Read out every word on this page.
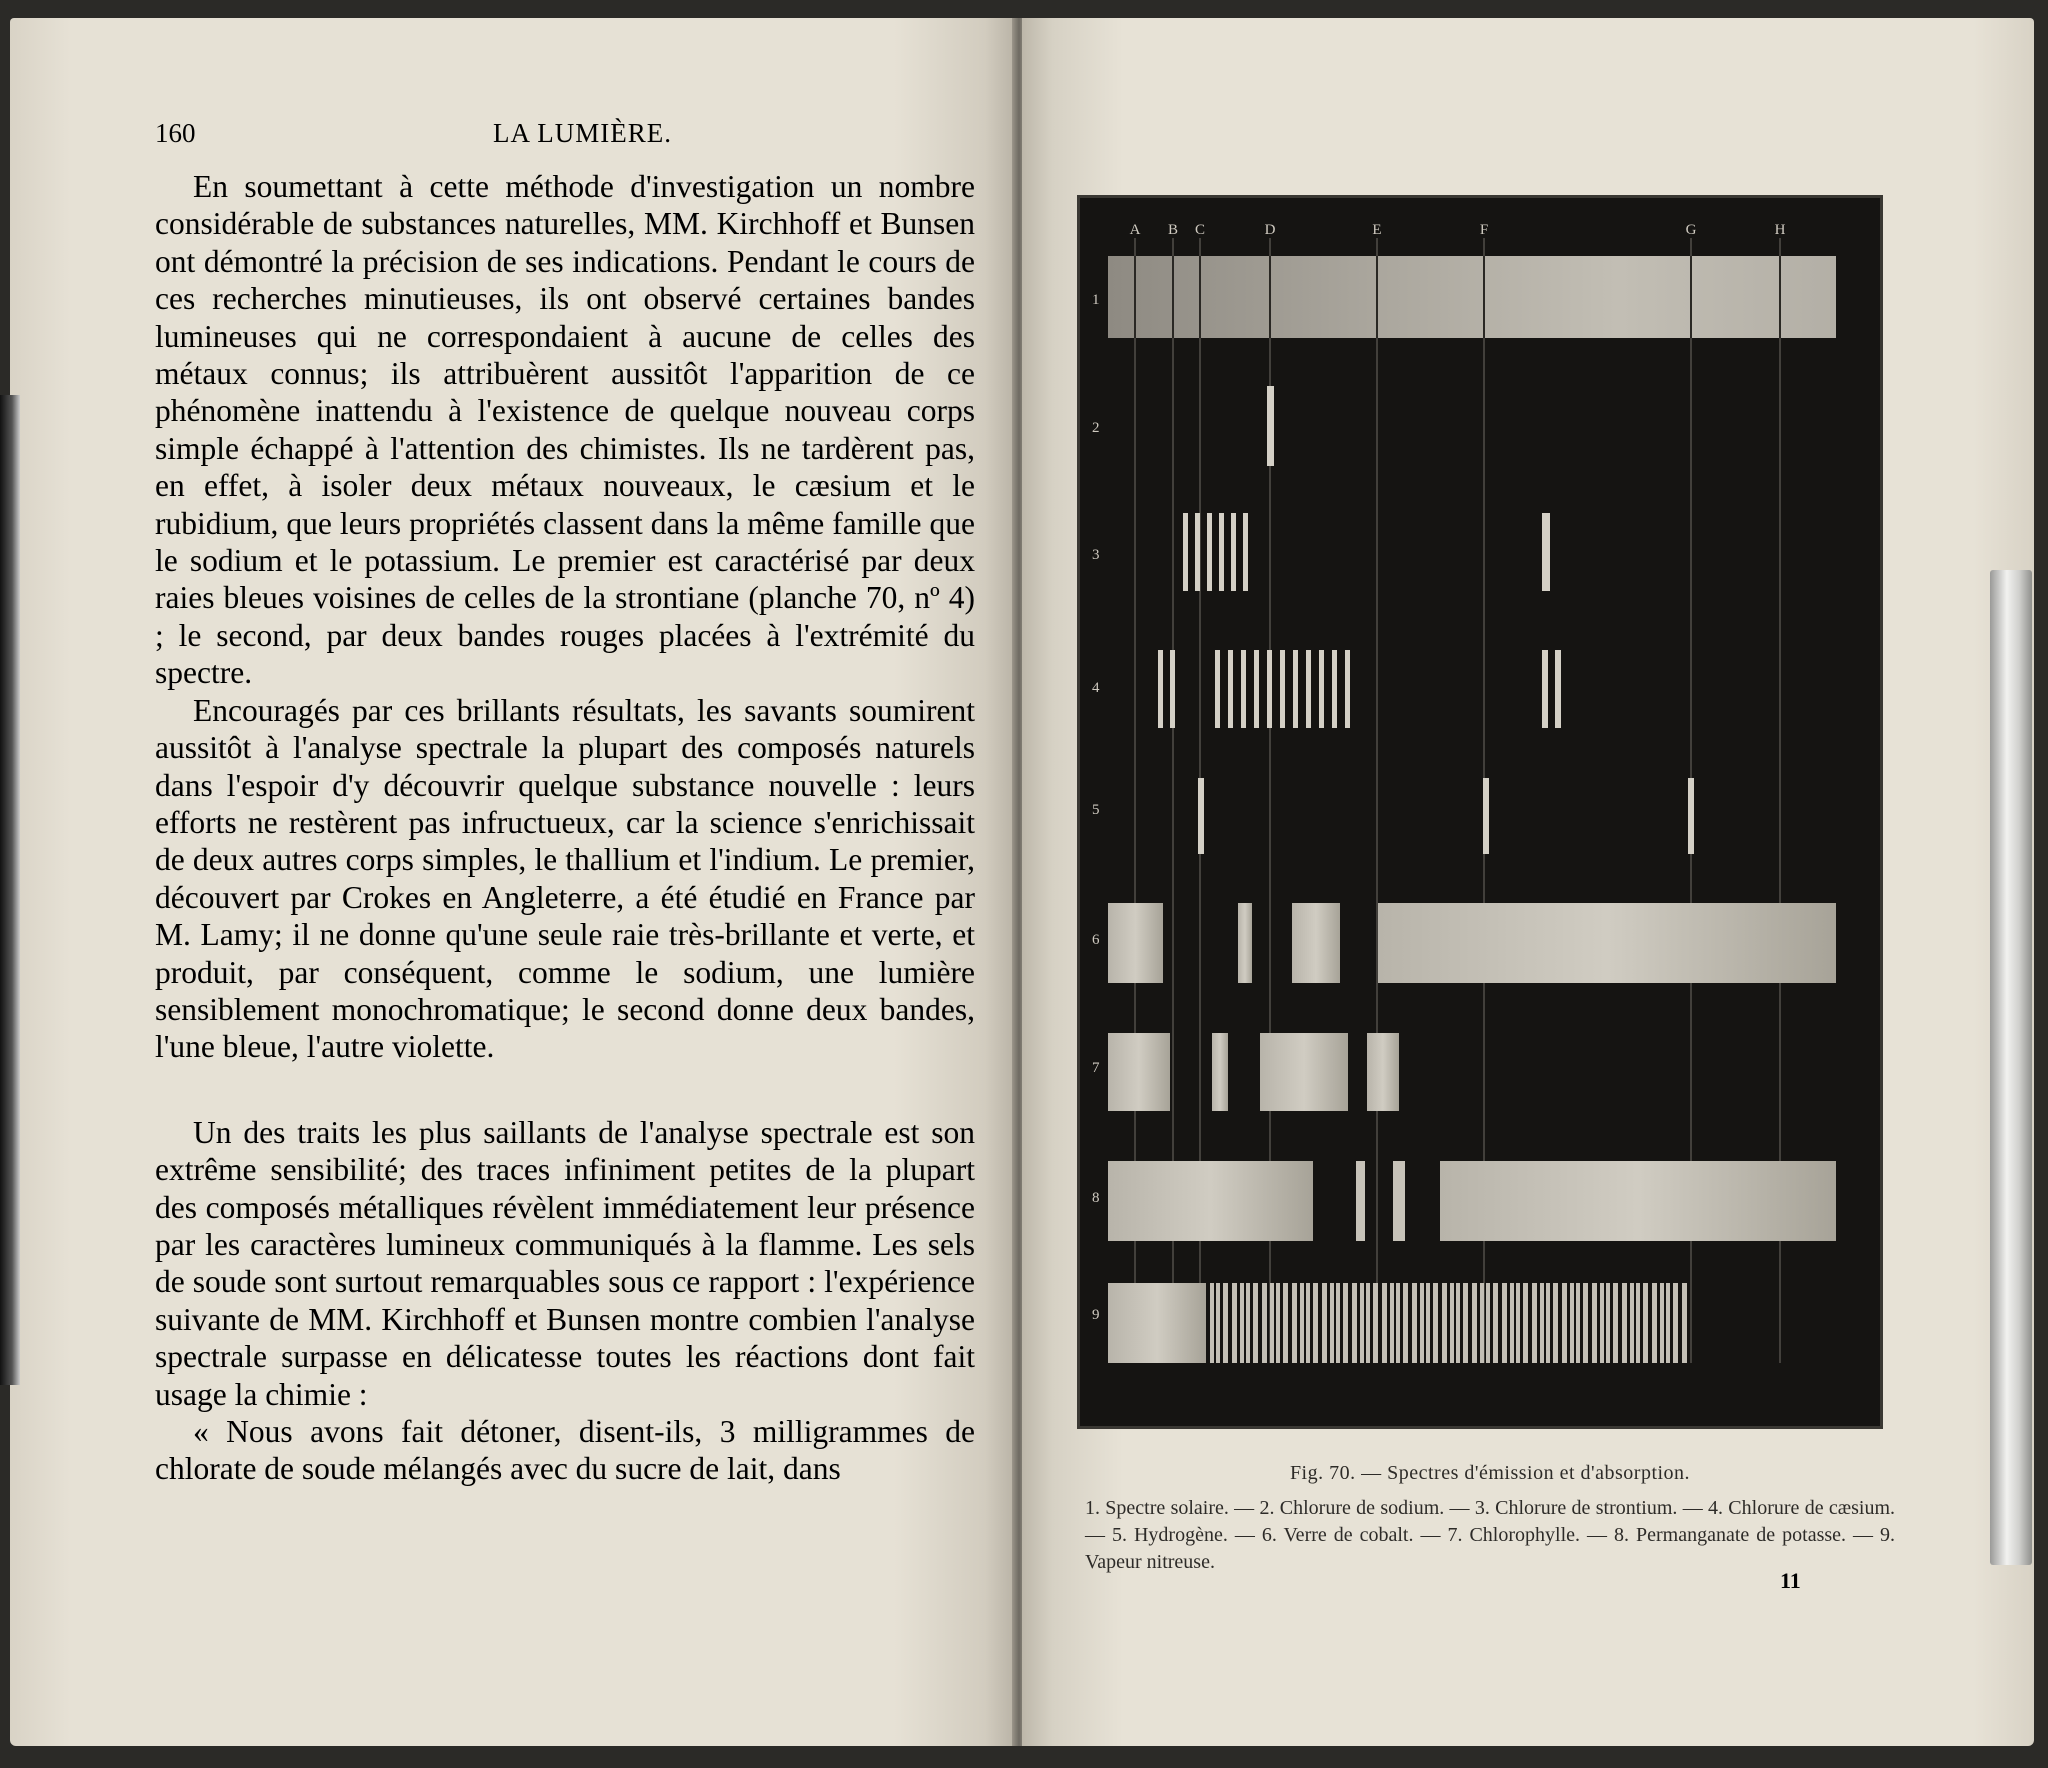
160	LA LUMIÈRE.

En soumettant à cette méthode d'investigation un nombre considérable de substances naturelles, MM. Kirchhoff et Bunsen ont démontré la précision de ses indications. Pendant le cours de ces recherches minutieuses, ils ont observé certaines bandes lumineuses qui ne correspondaient à aucune de celles des métaux connus; ils attribuèrent aussitôt l'apparition de ce phénomène inattendu à l'existence de quelque nouveau corps simple échappé à l'attention des chimistes. Ils ne tardèrent pas, en effet, à isoler deux métaux nouveaux, le cæsium et le rubidium, que leurs propriétés classent dans la même famille que le sodium et le potassium. Le premier est caractérisé par deux raies bleues voisines de celles de la strontiane (planche 70, nº 4) ; le second, par deux bandes rouges placées à l'extrémité du spectre.

Encouragés par ces brillants résultats, les savants soumirent aussitôt à l'analyse spectrale la plupart des composés naturels dans l'espoir d'y découvrir quelque substance nouvelle : leurs efforts ne restèrent pas infructueux, car la science s'enrichissait de deux autres corps simples, le thallium et l'indium. Le premier, découvert par Crokes en Angleterre, a été étudié en France par M. Lamy; il ne donne qu'une seule raie très-brillante et verte, et produit, par conséquent, comme le sodium, une lumière sensiblement monochromatique; le second donne deux bandes, l'une bleue, l'autre violette.

Un des traits les plus saillants de l'analyse spectrale est son extrême sensibilité; des traces infiniment petites de la plupart des composés métalliques révèlent immédiatement leur présence par les caractères lumineux communiqués à la flamme. Les sels de soude sont surtout remarquables sous ce rapport : l'expérience suivante de MM. Kirchhoff et Bunsen montre combien l'analyse spectrale surpasse en délicatesse toutes les réactions dont fait usage la chimie :

« Nous avons fait détoner, disent-ils, 3 milligrammes de chlorate de soude mélangés avec du sucre de lait, dans

A B C	D	E	F	G	H
1
2
3
4
5
6
7
8
9
Fig. 70. — Spectres d'émission et d'absorption.
1. Spectre solaire. — 2. Chlorure de sodium. — 3. Chlorure de strontium. — 4. Chlorure de cæsium. — 5. Hydrogène. — 6. Verre de cobalt. — 7. Chlorophylle. — 8. Permanganate de potasse. — 9. Vapeur nitreuse.
11
